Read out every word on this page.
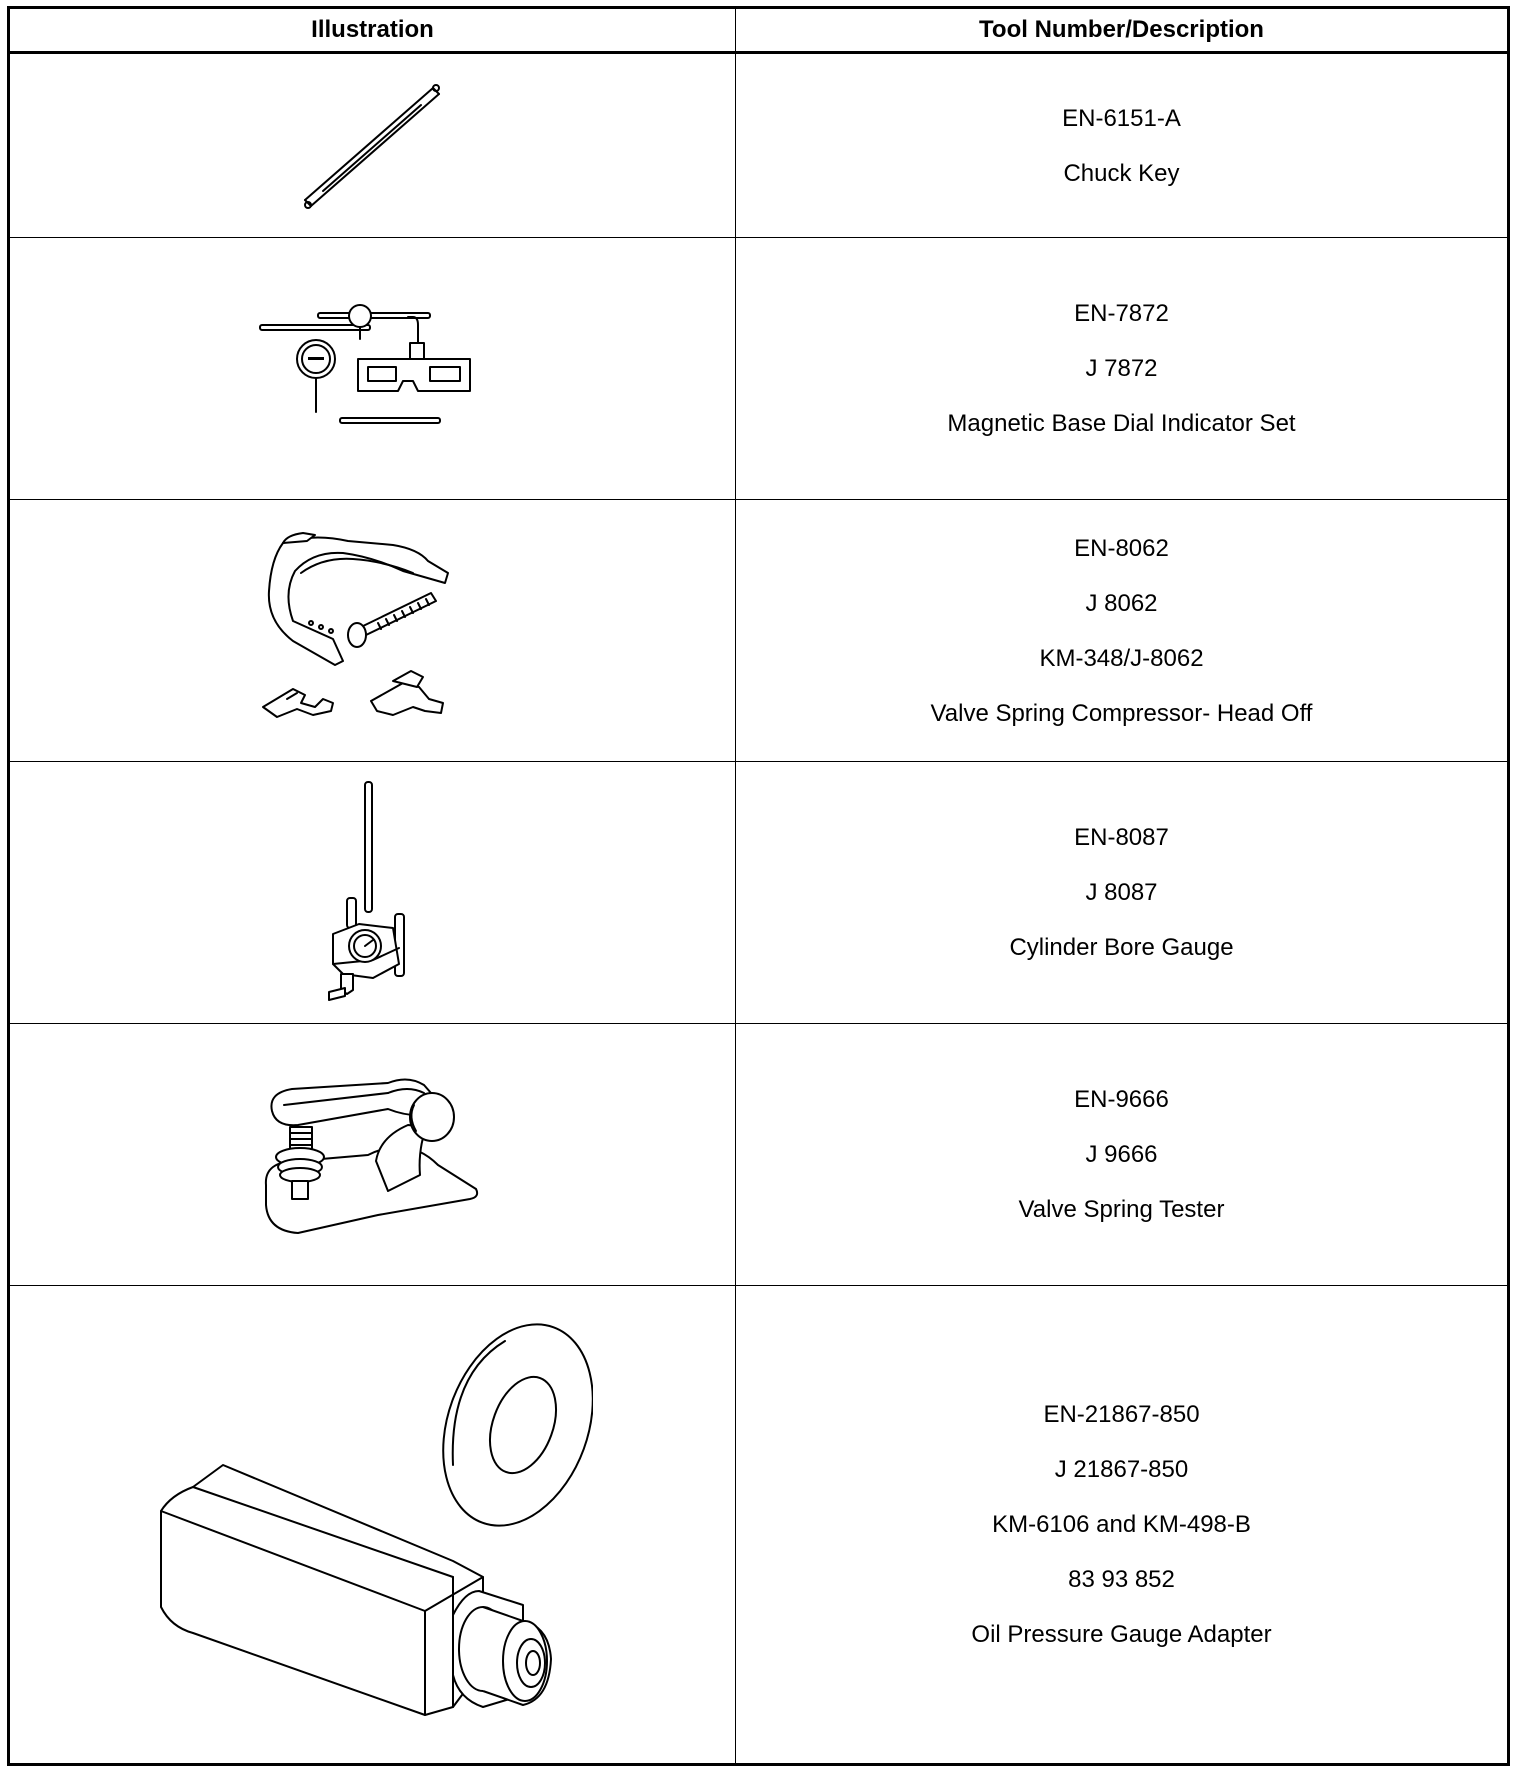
Illustration	Tool Number/Description

EN-6151-A
Chuck Key

EN-7872
J 7872
Magnetic Base Dial Indicator Set

EN-8062
J 8062
KM-348/J-8062
Valve Spring Compressor- Head Off

EN-8087
J 8087
Cylinder Bore Gauge

EN-9666
J 9666
Valve Spring Tester

EN-21867-850
J 21867-850
KM-6106 and KM-498-B
83 93 852
Oil Pressure Gauge Adapter
